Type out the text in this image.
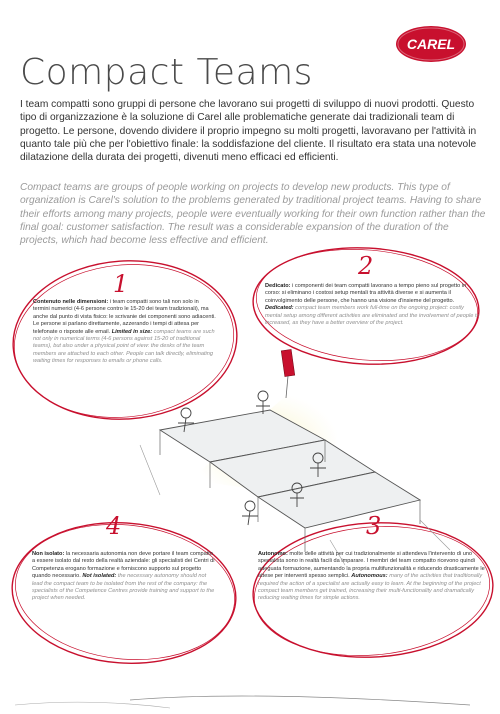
1
2
3
4
CAREL
Compact Teams

I team compatti sono gruppi di persone che lavorano sui progetti di sviluppo di nuovi prodotti. Questo tipo di organizzazione è la soluzione di Carel alle problematiche generate dai tradizionali team di progetto. Le persone, dovendo dividere il proprio impegno su molti progetti, lavoravano per l'attività in quanto tale più che per l'obiettivo finale: la soddisfazione del cliente. Il risultato era stata una notevole dilatazione della durata dei progetti, divenuti meno efficaci ed efficienti.

Compact teams are groups of people working on projects to develop new products. This type of organization is Carel's solution to the problems generated by traditional project teams. Having to share their efforts among many projects, people were eventually working for their own function rather than the final goal: customer satisfaction. The result was a considerable expansion of the duration of the projects, which had become less effective and efficient.

Contenuto nelle dimensioni: i team compatti sono tali non solo in termini numerici (4-6 persone contro le 15-20 dei team tradizionali), ma anche dal punto di vista fisico: le scrivanie dei componenti sono adiacenti. Le persone si parlano direttamente, azzerando i tempi di attesa per telefonate o risposte alle email. Limited in size: compact teams are such not only in numerical terms (4-6 persons against 15-20 of traditional teams), but also under a physical point of view: the desks of the team members are attached to each other. People can talk directly, eliminating waiting times for responses to emails or phone calls.

Dedicato: i componenti dei team compatti lavorano a tempo pieno sul progetto in corso: si eliminano i costosi setup mentali tra attività diverse e si aumenta il coinvolgimento delle persone, che hanno una visione d'insieme del progetto. Dedicated: compact team members work full-time on the ongoing project: costly mental setup among different activities are eliminated and the involvement of people is increased, as they have a better overview of the project.

Autonomo: molte delle attività per cui tradizionalmente si attendeva l'intervento di uno specialista sono in realtà facili da imparare. I membri del team compatto ricevono quindi adeguata formazione, aumentando la propria multifunzionalità e riducendo drasticamente le attese per interventi spesso semplici. Autonomous: many of the activities that traditionally required the action of a specialist are actually easy to learn. At the beginning of the project compact team members get trained, increasing their multi-functionality and dramatically reducing waiting times for simple actions.

Non isolato: la necessaria autonomia non deve portare il team compatto a essere isolato dal resto della realtà aziendale: gli specialisti dei Centri di Competenza erogano formazione e forniscono supporto sul progetto quando necessario. Not isolated: the necessary autonomy should not lead the compact team to be isolated from the rest of the company: the specialists of the Competence Centres provide training and support to the project when needed.
